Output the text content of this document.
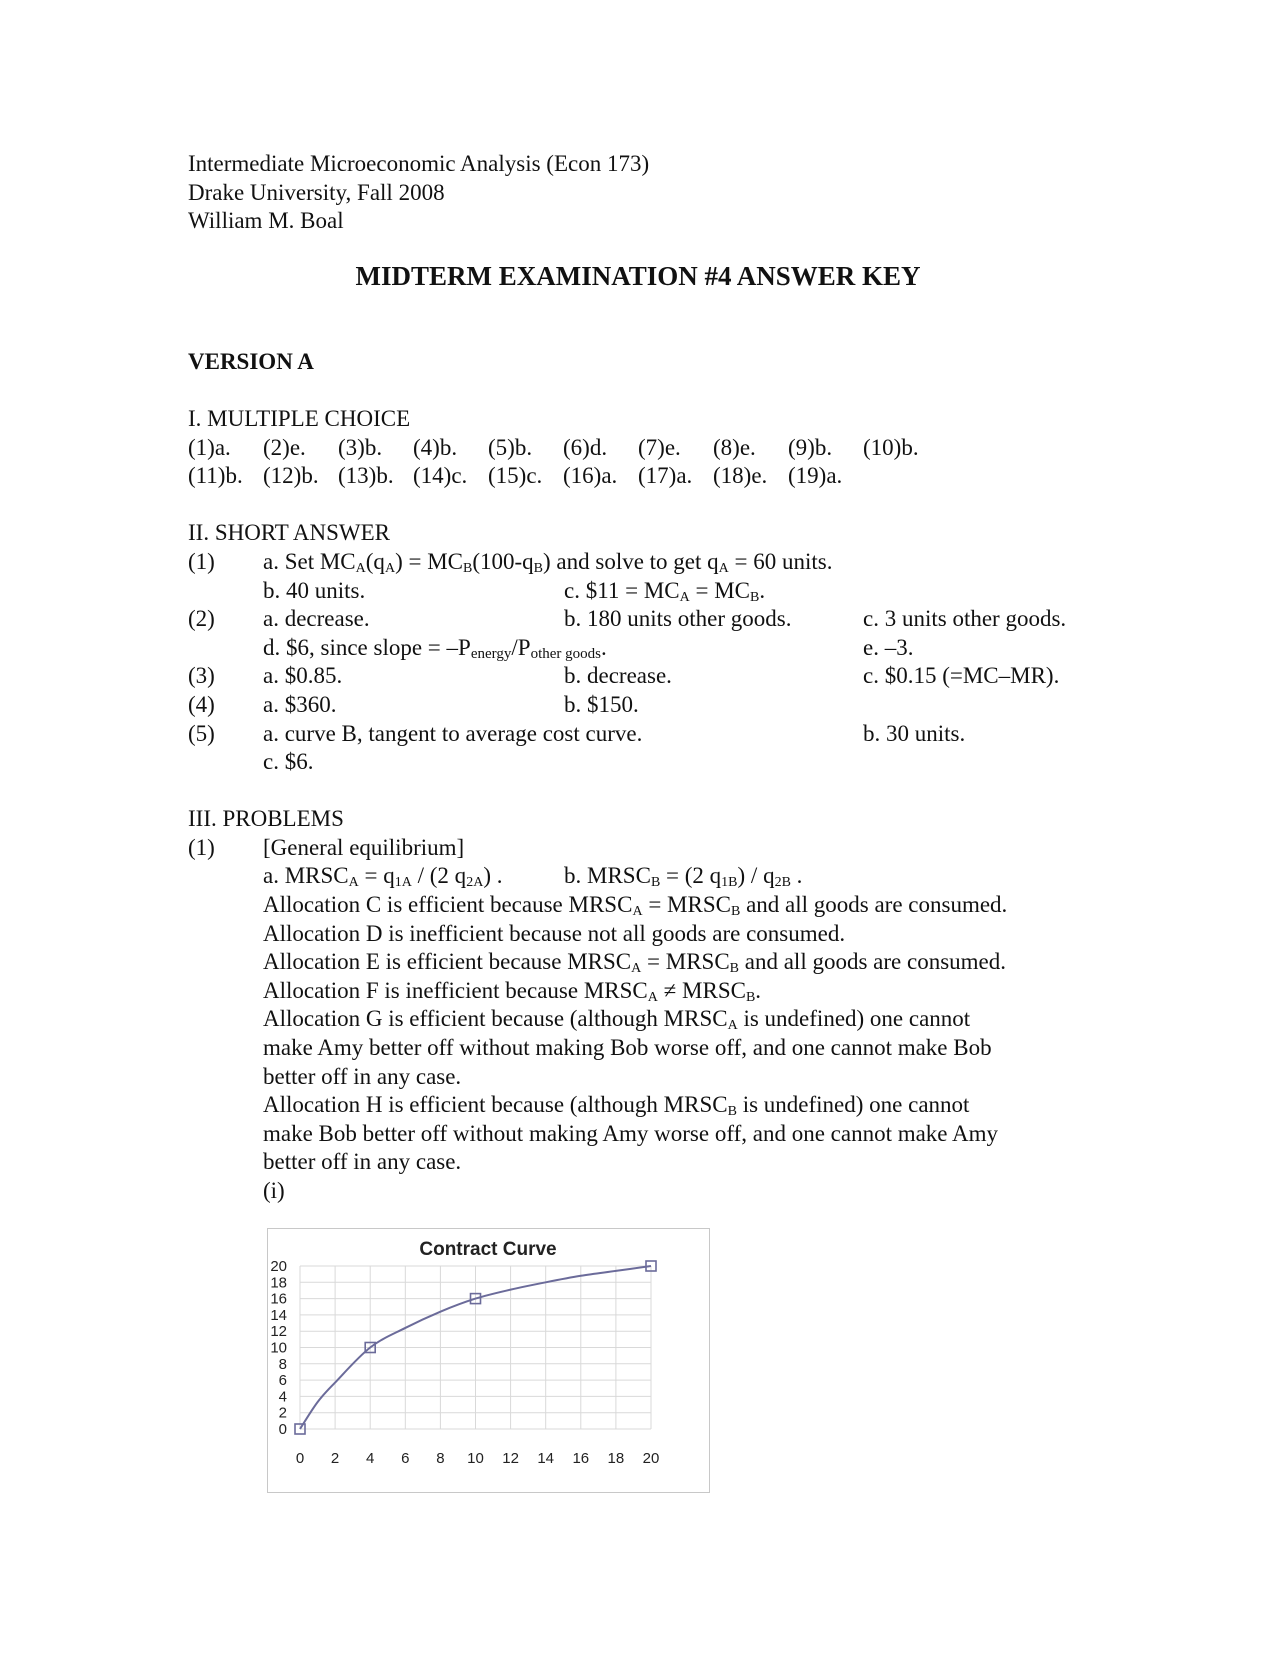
Intermediate Microeconomic Analysis (Econ 173)
Drake University, Fall 2008
William M. Boal
MIDTERM EXAMINATION #4 ANSWER KEY
VERSION A
I. MULTIPLE CHOICE
(1)a.	(2)e.	(3)b.	(4)b.	(5)b.	(6)d.	(7)e.	(8)e.	(9)b.	(10)b.
(11)b. (12)b. (13)b. (14)c. (15)c. (16)a. (17)a. (18)e. (19)a.
II. SHORT ANSWER
(1) a. Set $MC_A(q_A) = MC_B(100-q_B)$ and solve to get $q_A = 60$ units.
b. 40 units.	c. $11 = $MC_A = MC_B$.
(2) a. decrease.	b. 180 units other goods.	c. 3 units other goods.
d. $6, since slope = $-P_{energy}/P_{other goods}$.	e. –3.
(3) a. $0.85.	b. decrease.	c. $0.15 (=MC–MR).
(4) a. $360.	b. $150.
(5) a. curve B, tangent to average cost curve.	b. 30 units.
c. $6.
III. PROBLEMS
(1) [General equilibrium]
a. $MRSC_A = q_{1A} / (2$ $q_{2A}$) .	b. $MRSC_B = (2$ $q_{1B}) / q_{2B}$ .
Allocation C is efficient because $MRSC_A$ = $MRSC_B$ and all goods are consumed.
Allocation D is inefficient because not all goods are consumed.
Allocation E is efficient because $MRSC_A$ = $MRSC_B$ and all goods are consumed.
Allocation F is inefficient because $MRSC_A$ ≠ $MRSC_B$.
Allocation G is efficient because (although $MRSC_A$ is undefined) one cannot
make Amy better off without making Bob worse off, and one cannot make Bob
better off in any case.
Allocation H is efficient because (although $MRSC_B$ is undefined) one cannot
make Bob better off without making Amy worse off, and one cannot make Amy
better off in any case.
(i)
Contract Curve
0
2
4
6
8
10
12
14
16
18
20
0 2 4 6 8 10 12 14 16 18 20
